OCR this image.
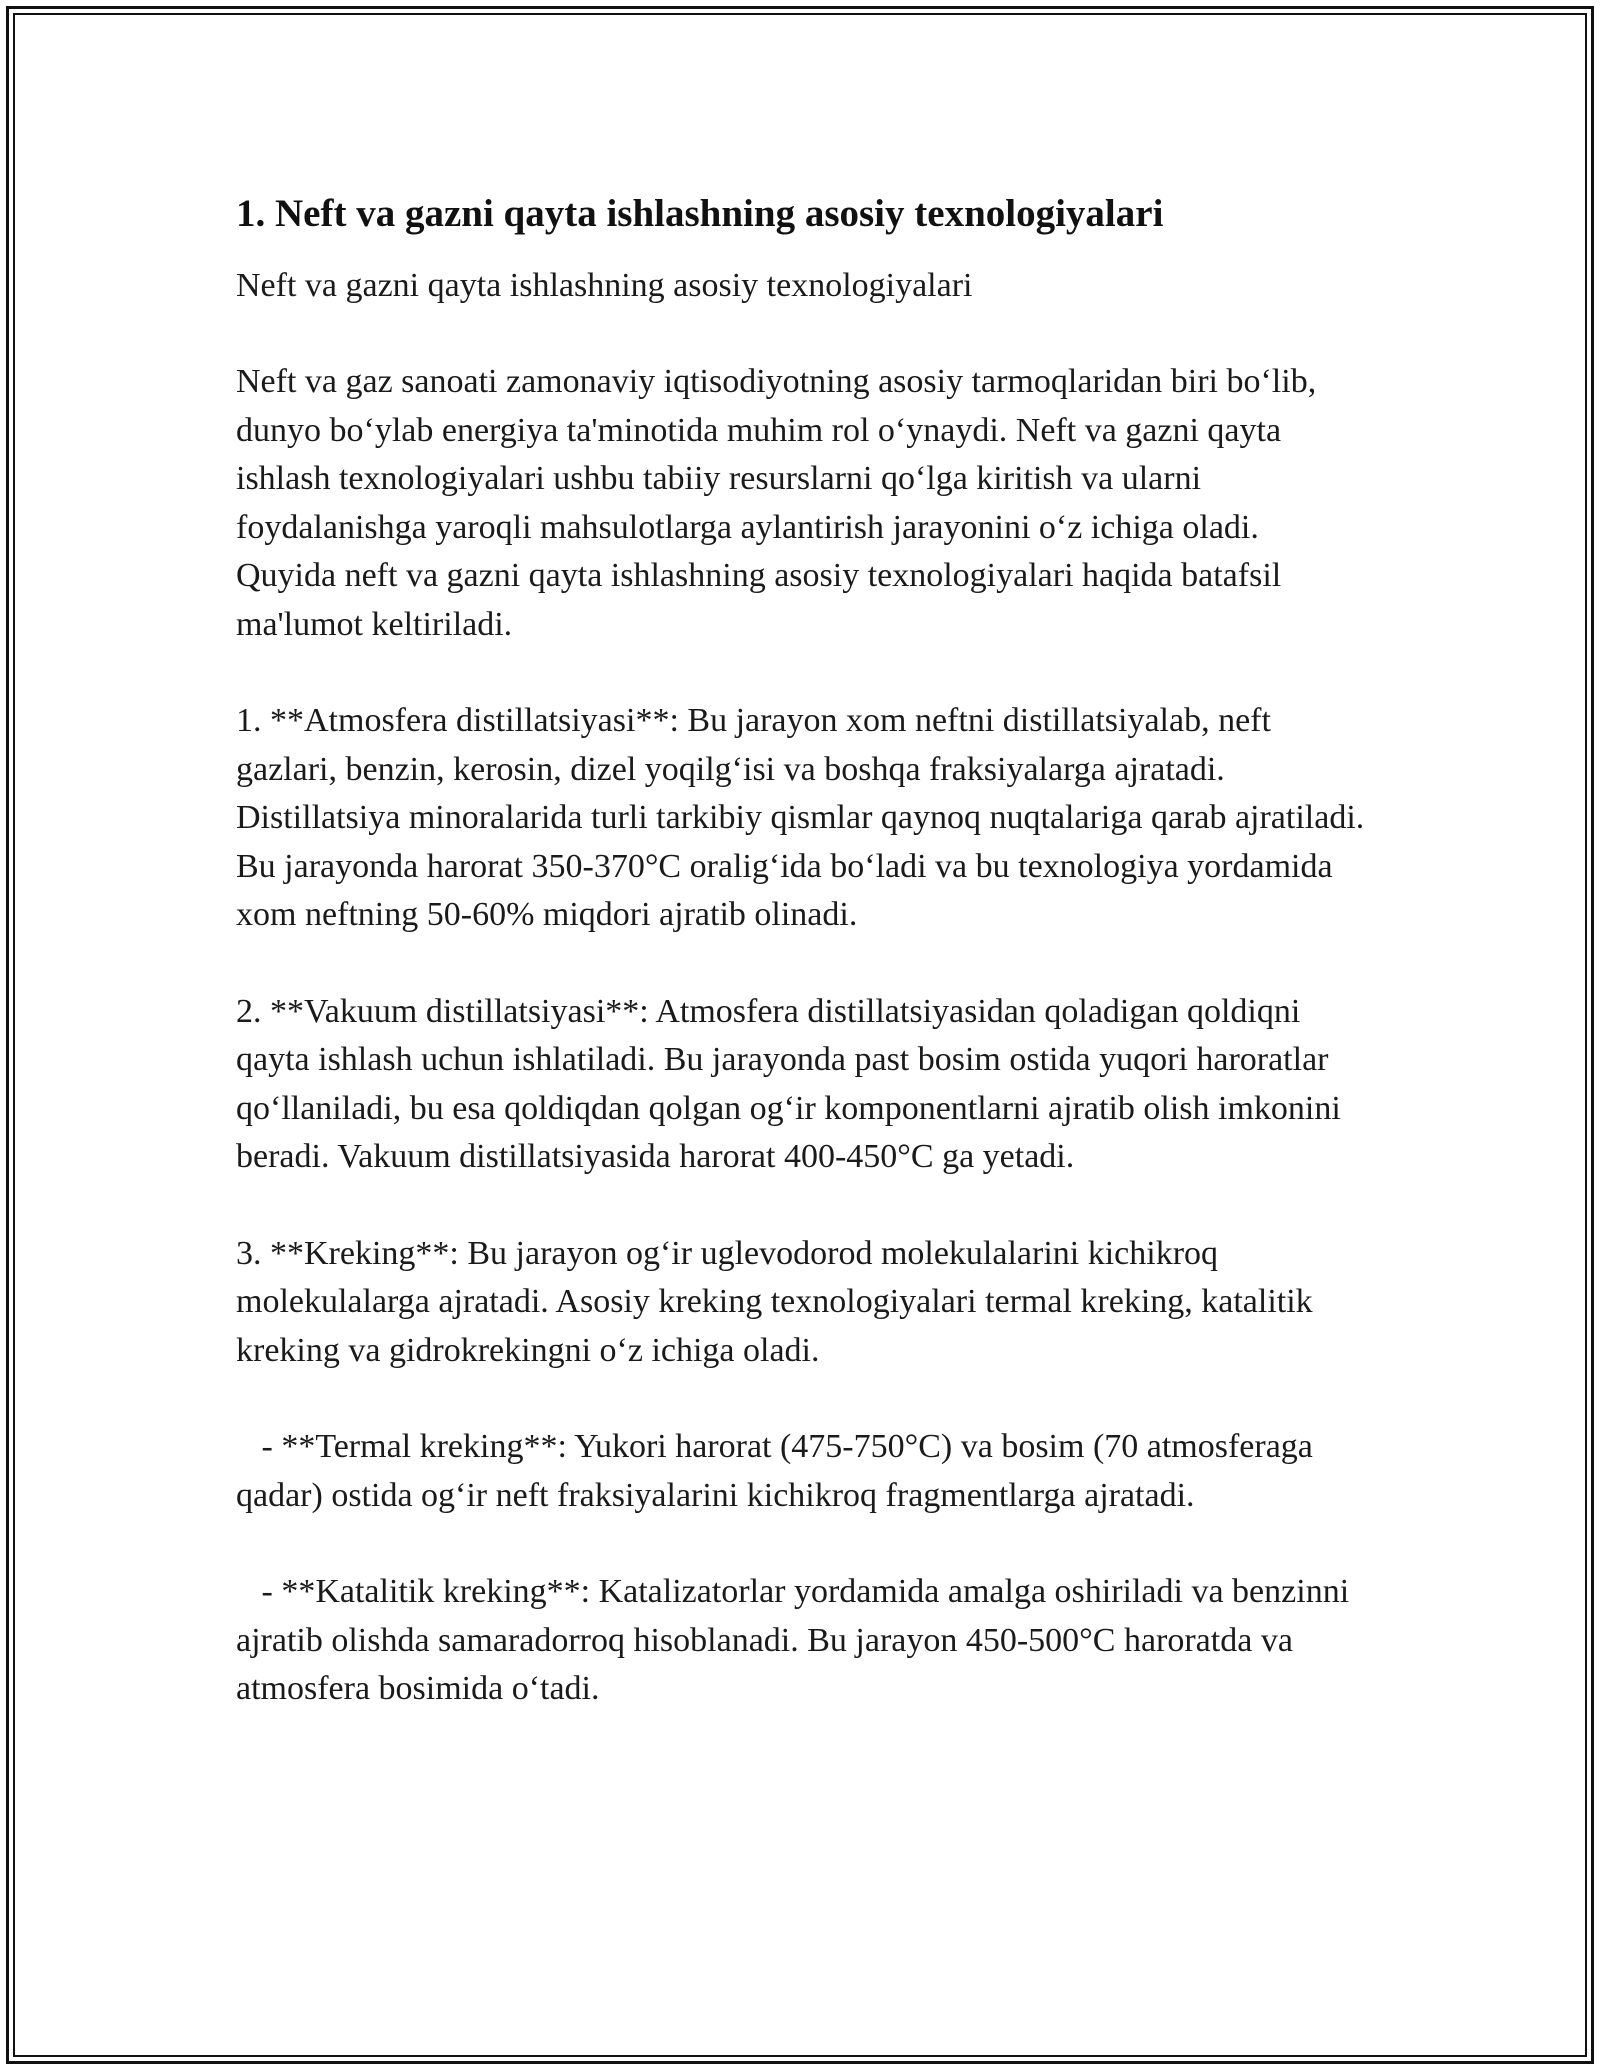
1. Neft va gazni qayta ishlashning asosiy texnologiyalari

Neft va gazni qayta ishlashning asosiy texnologiyalari

Neft va gaz sanoati zamonaviy iqtisodiyotning asosiy tarmoqlaridan biri bo‘lib, dunyo bo‘ylab energiya ta'minotida muhim rol o‘ynaydi. Neft va gazni qayta ishlash texnologiyalari ushbu tabiiy resurslarni qo‘lga kiritish va ularni foydalanishga yaroqli mahsulotlarga aylantirish jarayonini o‘z ichiga oladi. Quyida neft va gazni qayta ishlashning asosiy texnologiyalari haqida batafsil ma'lumot keltiriladi.

1. **Atmosfera distillatsiyasi**: Bu jarayon xom neftni distillatsiyalab, neft gazlari, benzin, kerosin, dizel yoqilg‘isi va boshqa fraksiyalarga ajratadi. Distillatsiya minoralarida turli tarkibiy qismlar qaynoq nuqtalariga qarab ajratiladi. Bu jarayonda harorat 350-370°C oralig‘ida bo‘ladi va bu texnologiya yordamida xom neftning 50-60% miqdori ajratib olinadi.

2. **Vakuum distillatsiyasi**: Atmosfera distillatsiyasidan qoladigan qoldiqni qayta ishlash uchun ishlatiladi. Bu jarayonda past bosim ostida yuqori haroratlar qo‘llaniladi, bu esa qoldiqdan qolgan og‘ir komponentlarni ajratib olish imkonini beradi. Vakuum distillatsiyasida harorat 400-450°C ga yetadi.

3. **Kreking**: Bu jarayon og‘ir uglevodorod molekulalarini kichikroq molekulalarga ajratadi. Asosiy kreking texnologiyalari termal kreking, katalitik kreking va gidrokrekingni o‘z ichiga oladi.

- **Termal kreking**: Yukori harorat (475-750°C) va bosim (70 atmosferaga qadar) ostida og‘ir neft fraksiyalarini kichikroq fragmentlarga ajratadi.

- **Katalitik kreking**: Katalizatorlar yordamida amalga oshiriladi va benzinni ajratib olishda samaradorroq hisoblanadi. Bu jarayon 450-500°C haroratda va atmosfera bosimida o‘tadi.
